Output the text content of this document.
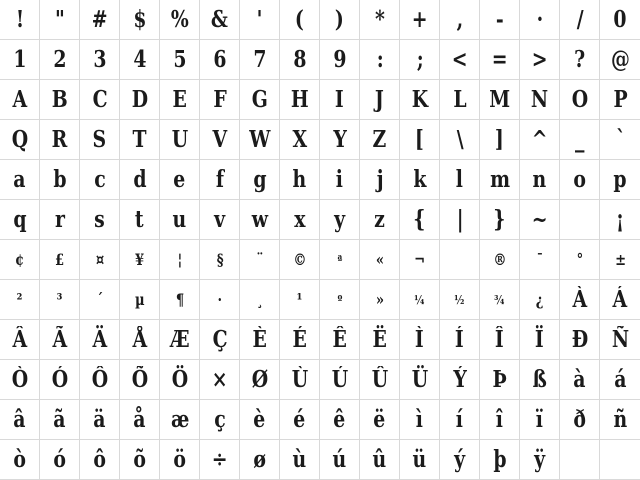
! " # $ % & ' ( ) * + , - · / 0
1 2 3 4 5 6 7 8 9 : ; < = > ? @
A B C D E F G H I J K L M N O P
Q R S T U V W X Y Z [ \ ] ^ _ `
a b c d e f g h i j k l m n o p
q r s t u v w x y z { | } ~	¡
¢ £ ¤ ¥ ¦ § ¨ ©	ª « ¬	® ¯ ° ±
² ³ ´ µ ¶ · ¸ ¹	º »	¼	½	¾ ¿ À Á
Â Ã Ä Å Æ Ç È É Ê Ë Ì Í Î Ï Ð Ñ
Ò Ó Ô Õ Ö × Ø Ù Ú Û Ü Ý Þ ß à á
â ã ä å æ ç è é ê ë ì í î ï ð ñ
ò ó ô õ ö ÷ ø ù ú û ü ý þ ÿ
